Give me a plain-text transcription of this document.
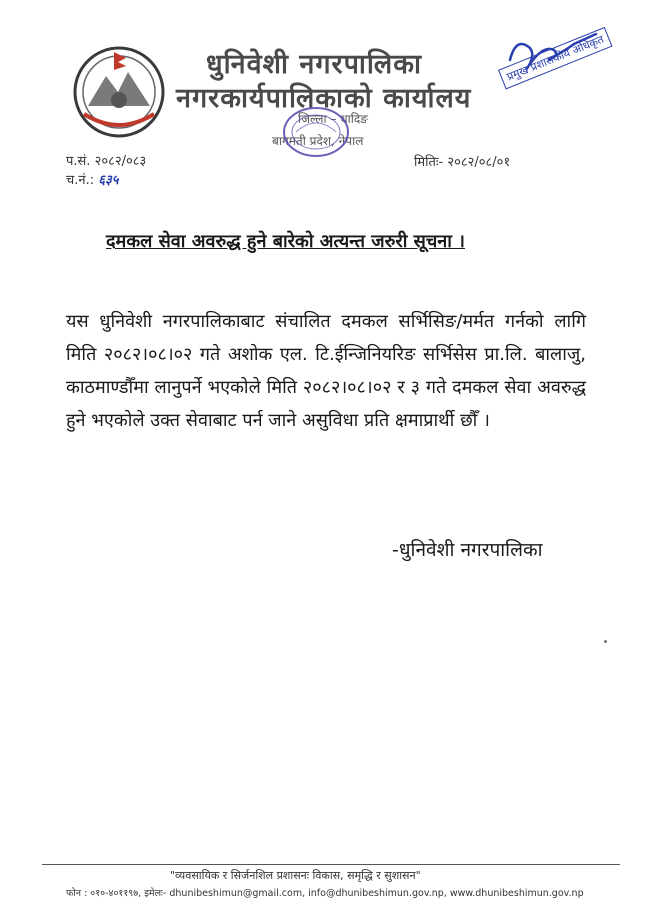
धुनिवेशी नगरपालिका
नगरकार्यपालिकाको कार्यालय
जिल्ला – धादिङ
बागमती प्रदेश, नेपाल
प्रमुख प्रशासकीय अधिकृत
प.सं. २०८२/०८३
च.नं.: ६३५
मितिः- २०८२/०८/०१
दमकल सेवा अवरुद्ध हुने बारेको अत्यन्त जरुरी सूचना ।
यस धुनिवेशी नगरपालिकाबाट संचालित दमकल सर्भिसिङ/मर्मत गर्नको लागि मिति २०८२।०८।०२ गते अशोक एल. टि.ईन्जिनियरिङ सर्भिसेस प्रा.लि. बालाजु, काठमाण्डौँमा लानुपर्ने भएकोले मिति २०८२।०८।०२ र ३ गते दमकल सेवा अवरुद्ध हुने भएकोले उक्त सेवाबाट पर्न जाने असुविधा प्रति क्षमाप्रार्थी छौँ ।
-धुनिवेशी नगरपालिका
"व्यवसायिक र सिर्जनशिल प्रशासनः विकास, समृद्धि र सुशासन"
फोन : ०१०-४०११९७, इमेलः- dhunibeshimun@gmail.com, info@dhunibeshimun.gov.np, www.dhunibeshimun.gov.np
